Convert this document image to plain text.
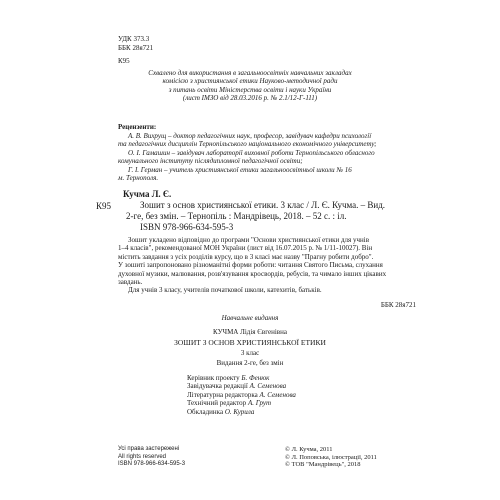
УДК 373.3
ББК 28я721
К95

Схвалено для використання в загальноосвітніх навчальних закладах

комісією з християнської етики Науково-методичної ради

з питань освіти Міністерства освіти і науки України

(лист ІМЗО від 28.03.2016 р. № 2.1/12-Г-111)

Рецензенти:

А. В. Вихрущ – доктор педагогічних наук, професор, завідувач кафедри психології

та педагогічних дисциплін Тернопільського національного економічного університету;

О. І. Гамашин – завідувач лабораторії виховної роботи Тернопільського обласного

комунального інституту післядипломної педагогічної освіти;

Г. І. Герман – учитель християнської етики загальноосвітньої школи № 16

м. Тернополя.

Кучма Л. Є.
К95	Зошит з основ християнської етики. 3 клас / Л. Є. Кучма. – Вид.

2-ге, без змін. – Тернопіль : Мандрівець, 2018. – 52 с. : іл.

ISBN 978-966-634-595-3

Зошит укладено відповідно до програми "Основи християнської етики для учнів

1–4 класів", рекомендованої МОН України (лист від 16.07.2015 р. № 1/11-10027). Він

містить завдання з усіх розділів курсу, що в 3 класі має назву "Прагну робити добро".

У зошиті запропоновано різноманітні форми роботи: читання Святого Письма, слухання

духовної музики, малювання, розв'язування кросвордів, ребусів, та чимало інших цікавих

завдань.

Для учнів 3 класу, учителів початкової школи, катехитів, батьків.

ББК 28я721
Навчальне видання
КУЧМА Лідія Євгенівна
ЗОШИТ З ОСНОВ ХРИСТИЯНСЬКОЇ ЕТИКИ
3 клас
Видання 2-ге, без змін

Керівник проекту Б. Фенюк

Завідувачка редакції А. Семенова

Літературна редакторка А. Семенова

Технічний редактор А. Грут

Обкладинка О. Курила

Усі права застережені

All rights reserved

ISBN 978-966-634-595-3

© Л. Кучма, 2011

© Л. Поповська, ілюстрації, 2011

© ТОВ "Мандрівець", 2018
